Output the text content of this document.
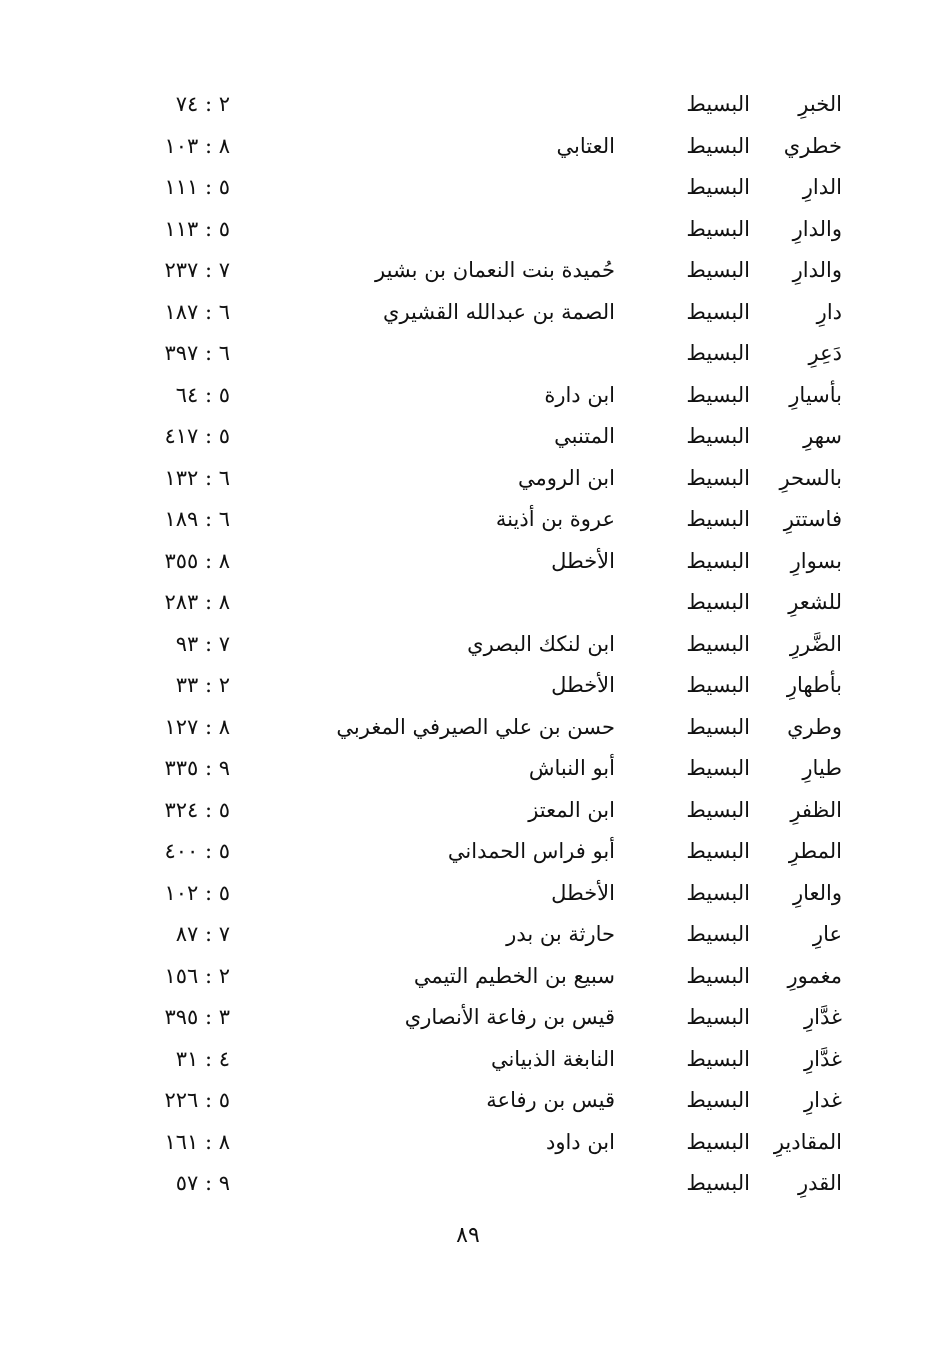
الخبرِ
البسيط
٢ : ٧٤
خطري
البسيط
العتابي
٨ : ١٠٣
الدارِ
البسيط
٥ : ١١١
والدارِ
البسيط
٥ : ١١٣
والدارِ
البسيط
حُميدة بنت النعمان بن بشير
٧ : ٢٣٧
دارِ
البسيط
الصمة بن عبدالله القشيري
٦ : ١٨٧
دَعِرِ
البسيط
٦ : ٣٩٧
بأسيارِ
البسيط
ابن دارة
٥ : ٦٤
سهرِ
البسيط
المتنبي
٥ : ٤١٧
بالسحرِ
البسيط
ابن الرومي
٦ : ١٣٢
فاستترِ
البسيط
عروة بن أذينة
٦ : ١٨٩
بسوارِ
البسيط
الأخطل
٨ : ٣٥٥
للشعرِ
البسيط
٨ : ٢٨٣
الضَّررِ
البسيط
ابن لنكك البصري
٧ : ٩٣
بأطهارِ
البسيط
الأخطل
٢ : ٣٣
وطري
البسيط
حسن بن علي الصيرفي المغربي
٨ : ١٢٧
طيارِ
البسيط
أبو النباش
٩ : ٣٣٥
الظفرِ
البسيط
ابن المعتز
٥ : ٣٢٤
المطرِ
البسيط
أبو فراس الحمداني
٥ : ٤٠٠
والعارِ
البسيط
الأخطل
٥ : ١٠٢
عارِ
البسيط
حارثة بن بدر
٧ : ٨٧
مغمورِ
البسيط
سبيع بن الخطيم التيمي
٢ : ١٥٦
غدَّارِ
البسيط
قيس بن رفاعة الأنصاري
٣ : ٣٩٥
غدَّارِ
البسيط
النابغة الذبياني
٤ : ٣١
غدارِ
البسيط
قيس بن رفاعة
٥ : ٢٢٦
المقاديرِ
البسيط
ابن داود
٨ : ١٦١
القدرِ
البسيط
٩ : ٥٧
٨٩
